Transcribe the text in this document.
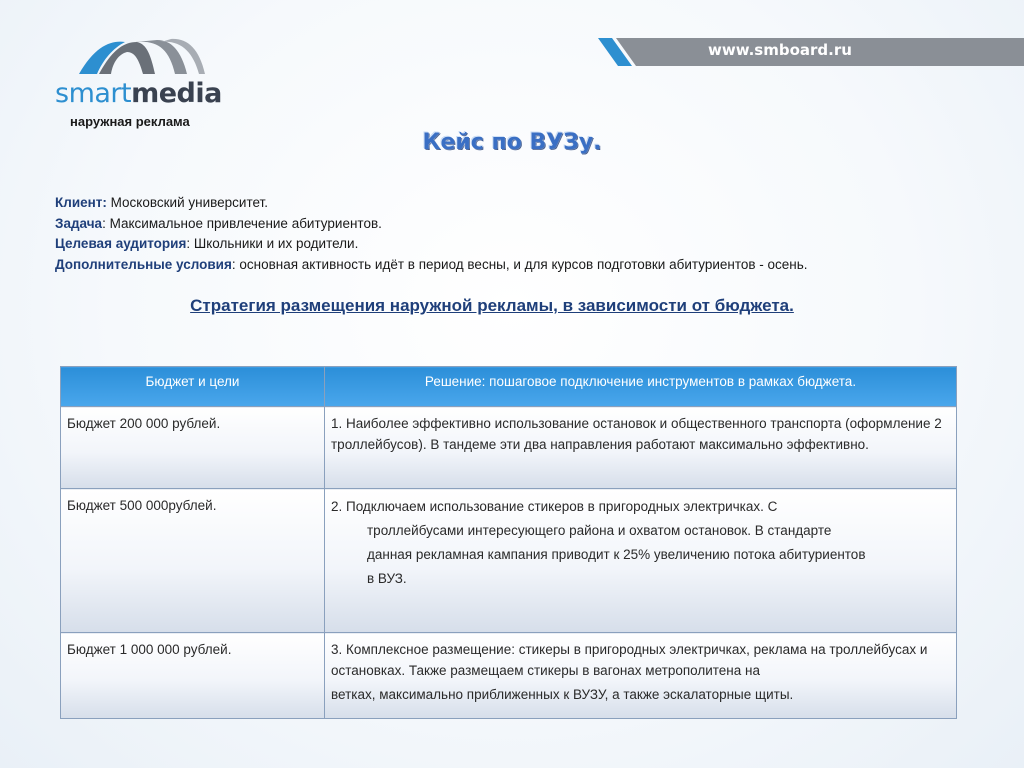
www.smboard.ru
smartmedia
наружная реклама
Кейс по ВУЗу.
Клиент: Московский университет.
Задача: Максимальное привлечение абитуриентов.
Целевая аудитория: Школьники и их родители.
Дополнительные условия: основная активность идёт в период весны, и для курсов подготовки абитуриентов - осень.
Стратегия размещения наружной рекламы, в зависимости от бюджета.
Бюджет и цели	Решение: пошаговое подключение инструментов в рамках бюджета.
Бюджет 200 000 рублей.	1. Наиболее эффективно использование остановок и общественного транспорта (оформление 2 троллейбусов). В тандеме эти два направления работают максимально эффективно.
Бюджет 500 000рублей.	2. Подключаем использование стикеров в пригородных электричках. С
троллейбусами интересующего района и охватом остановок. В стандарте
данная рекламная кампания приводит к 25% увеличению потока абитуриентов
в ВУЗ.

Бюджет 1 000 000 рублей.	3. Комплексное размещение: стикеры в пригородных электричках, реклама на троллейбусах и остановках. Также размещаем стикеры в вагонах метрополитена на
ветках, максимально приближенных к ВУЗУ, а также эскалаторные щиты.
